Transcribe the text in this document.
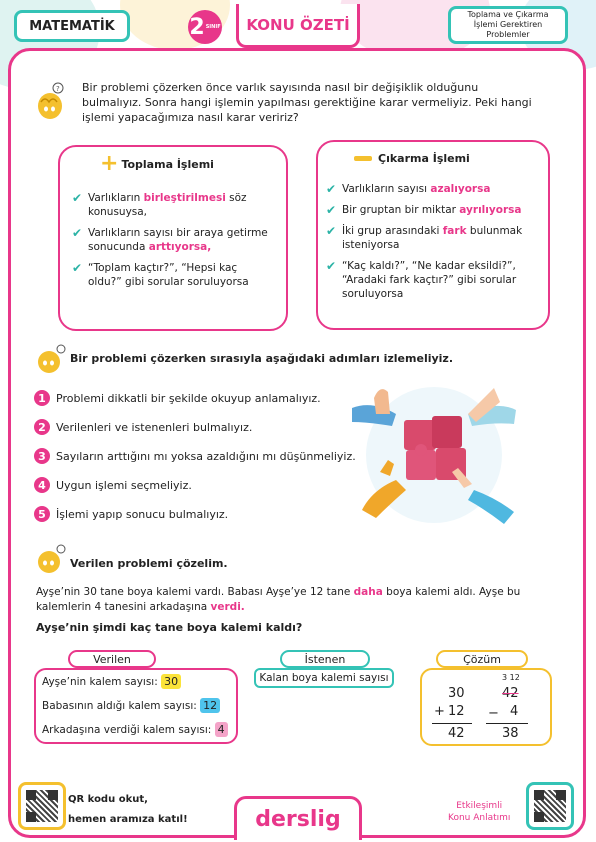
MATEMATİK	2 SINIF KONU ÖZETİ
Toplama ve Çıkarma İşlemi Gerektiren Problemler
? Bir problemi çözerken önce varlık sayısında nasıl bir değişiklik olduğunu bulmalıyız. Sonra hangi işlemin yapılması gerektiğine karar vermeliyiz. Peki hangi işlemi yapacağımıza nasıl karar veririz?
+ Toplama İşlemi
✔ Varlıkların birleştirilmesi söz konusuysa,
✔ Varlıkların sayısı bir araya getirme sonucunda arttıyorsa,
✔ “Toplam kaçtır?”, “Hepsi kaç oldu?” gibi sorular soruluyorsa
Çıkarma İşlemi
✔ Varlıkların sayısı azalıyorsa
✔ Bir gruptan bir miktar ayrılıyorsa
✔ İki grup arasındaki fark bulunmak isteniyorsa
✔ “Kaç kaldı?”, “Ne kadar eksildi?”, “Aradaki fark kaçtır?” gibi sorular soruluyorsa
Bir problemi çözerken sırasıyla aşağıdaki adımları izlemeliyiz.
1 Problemi dikkatli bir şekilde okuyup anlamalıyız.
2 Verilenleri ve istenenleri bulmalıyız.
3 Sayıların arttığını mı yoksa azaldığını mı düşünmeliyiz.
4 Uygun işlemi seçmeliyiz.
5 İşlemi yapıp sonucu bulmalıyız.
Verilen problemi çözelim.
Ayşe’nin 30 tane boya kalemi vardı. Babası Ayşe’ye 12 tane daha boya kalemi aldı. Ayşe bu
kalemlerin 4 tanesini arkadaşına verdi.
Ayşe’nin şimdi kaç tane boya kalemi kaldı?
Verilen
Ayşe’nin kalem sayısı: 30
Babasının aldığı kalem sayısı: 12
Arkadaşına verdiği kalem sayısı: 4
İstenen
Kalan boya kalemi sayısı
Çözüm
30
+ 12
42
3 12
42
− 4
38
QR kodu okut,
hemen aramıza katıl!	derslig
Etkileşimli
Konu Anlatımı
